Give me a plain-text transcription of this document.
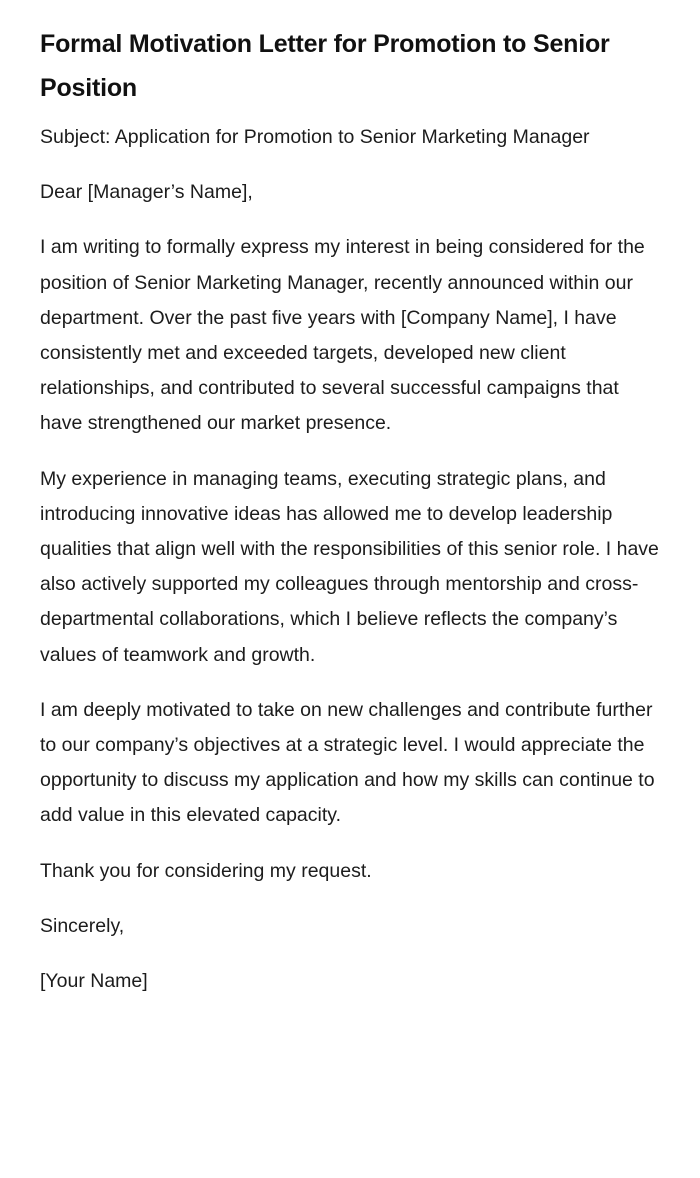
Formal Motivation Letter for Promotion to Senior Position

Subject: Application for Promotion to Senior Marketing Manager

Dear [Manager’s Name],

I am writing to formally express my interest in being considered for the position of Senior Marketing Manager, recently announced within our department. Over the past five years with [Company Name], I have consistently met and exceeded targets, developed new client relationships, and contributed to several successful campaigns that have strengthened our market presence.

My experience in managing teams, executing strategic plans, and introducing innovative ideas has allowed me to develop leadership qualities that align well with the responsibilities of this senior role. I have also actively supported my colleagues through mentorship and cross-departmental collaborations, which I believe reflects the company’s values of teamwork and growth.

I am deeply motivated to take on new challenges and contribute further to our company’s objectives at a strategic level. I would appreciate the opportunity to discuss my application and how my skills can continue to add value in this elevated capacity.

Thank you for considering my request.

Sincerely,

[Your Name]
